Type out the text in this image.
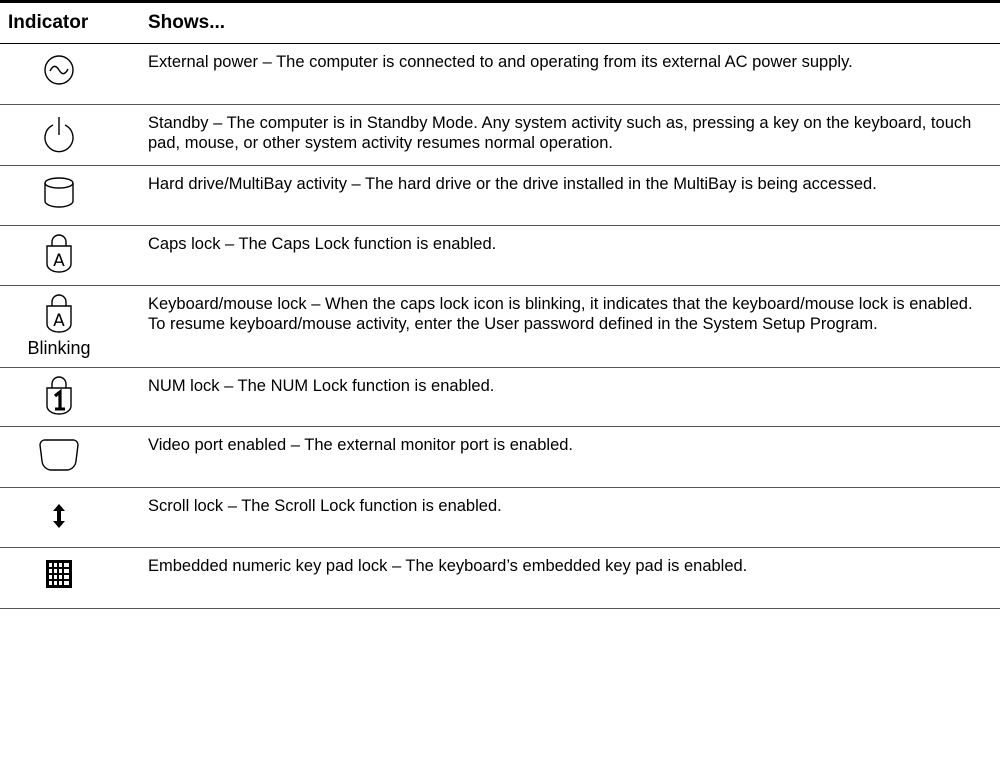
Indicator	Shows...
External power – The computer is connected to and operating from its external AC power supply.
Standby – The computer is in Standby Mode. Any system activity such as, pressing a key on the keyboard, touch pad, mouse, or other system activity resumes normal operation.
Hard drive/MultiBay activity – The hard drive or the drive installed in the MultiBay is being accessed.
A
Caps lock – The Caps Lock function is enabled.
A
Blinking
Keyboard/mouse lock – When the caps lock icon is blinking, it indicates that the keyboard/mouse lock is enabled. To resume keyboard/mouse activity, enter the User password defined in the System Setup Program.
NUM lock – The NUM Lock function is enabled.
Video port enabled – The external monitor port is enabled.
Scroll lock – The Scroll Lock function is enabled.
Embedded numeric key pad lock – The keyboard’s embedded key pad is enabled.
